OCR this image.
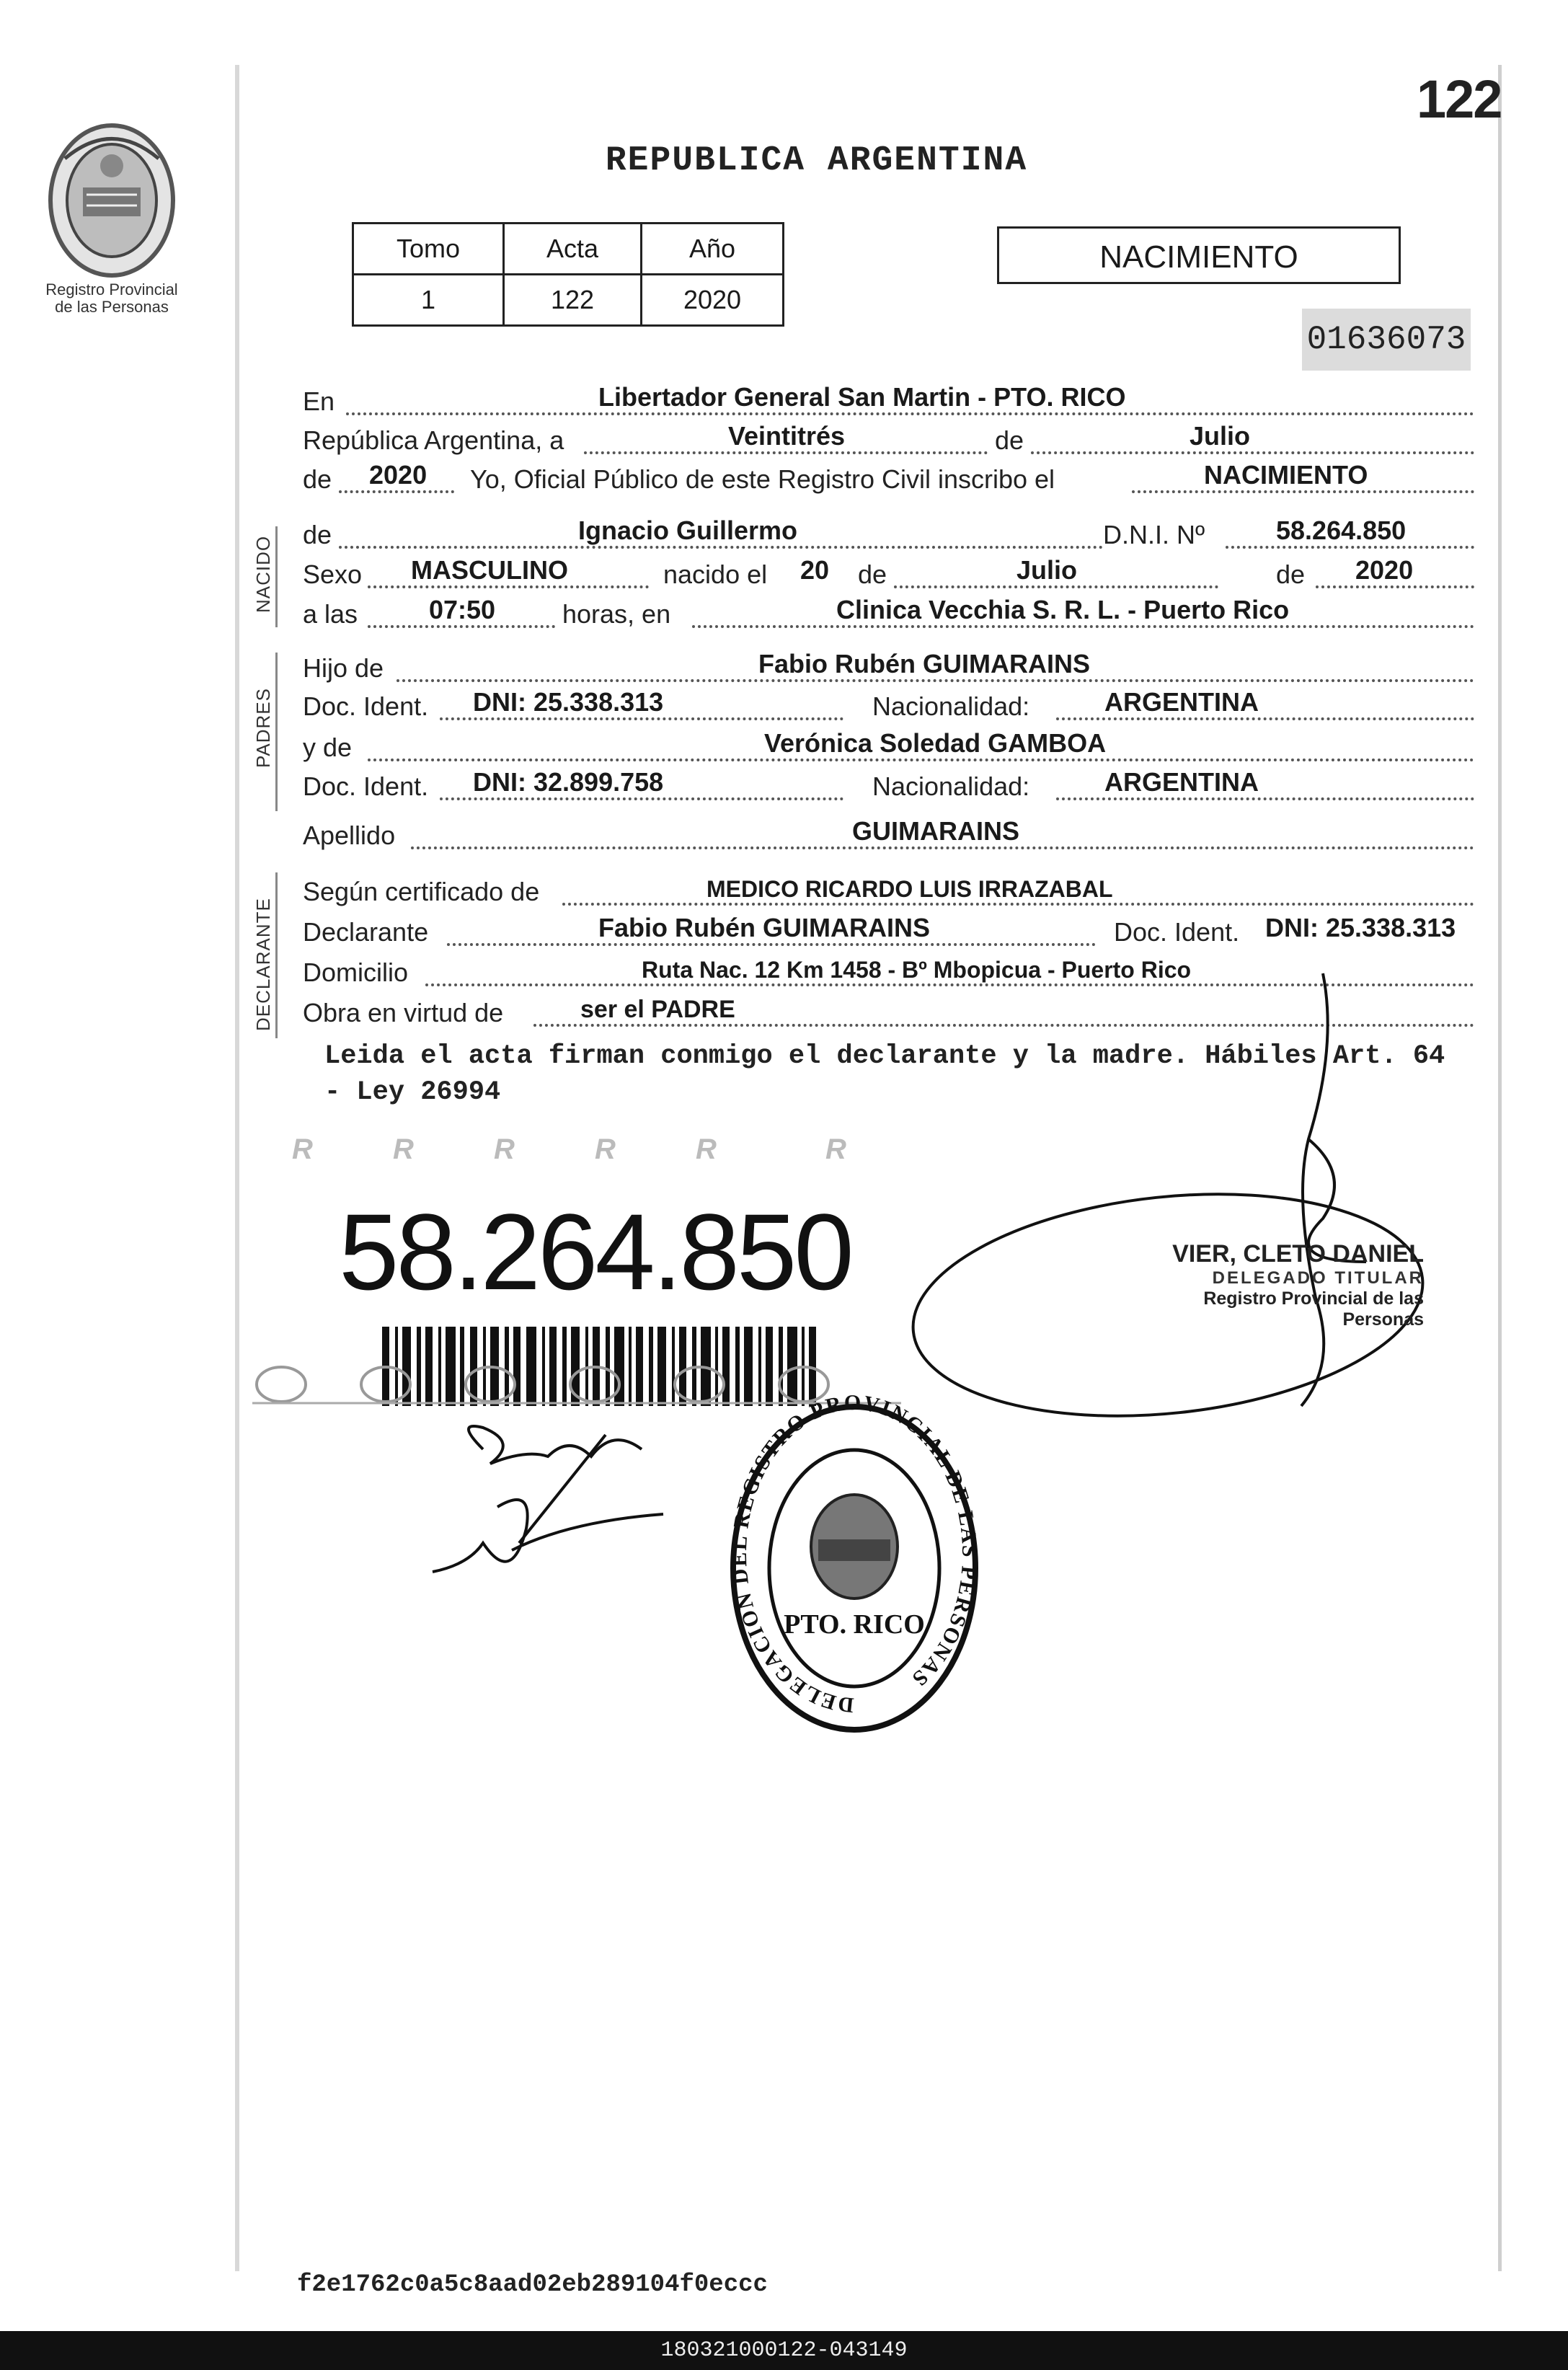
Registro Provincial
de las Personas
122
REPUBLICA ARGENTINA
Tomo	Acta	Año
1	122	2020
NACIMIENTO
01636073
NACIDO
PADRES
DECLARANTE
En	Libertador General San Martin - PTO. RICO
República Argentina, a	Veintitrés	de	Julio
de 2020 Yo, Oficial Público de este Registro Civil inscribo el	NACIMIENTO
de	Ignacio Guillermo	D.N.I. Nº	58.264.850
Sexo MASCULINO	nacido el 20 de	Julio	de 2020
a las	07:50	horas, en	Clinica Vecchia S. R. L. - Puerto Rico
Hijo de	Fabio Rubén GUIMARAINS
Doc. Ident. DNI: 25.338.313	Nacionalidad:	ARGENTINA
y de	Verónica Soledad GAMBOA
Doc. Ident. DNI: 32.899.758	Nacionalidad:	ARGENTINA
Apellido	GUIMARAINS
Según certificado de	MEDICO RICARDO LUIS IRRAZABAL
Declarante	Fabio Rubén GUIMARAINS	Doc. Ident. DNI: 25.338.313
Domicilio	Ruta Nac. 12 Km 1458 - Bº Mbopicua - Puerto Rico
Obra en virtud de	ser el PADRE
Leida el acta firman conmigo el declarante y la madre. Hábiles Art. 64 - Ley 26994
R	R	R	R	R	R
58.264.850	VIER, CLETO DANIEL
DELEGADO TITULAR
Registro Provincial de las Personas
DELEGACION DEL REGISTRO PROVINCIAL DE LAS PERSONAS
PTO. RICO
f2e1762c0a5c8aad02eb289104f0eccc
180321000122-043149
